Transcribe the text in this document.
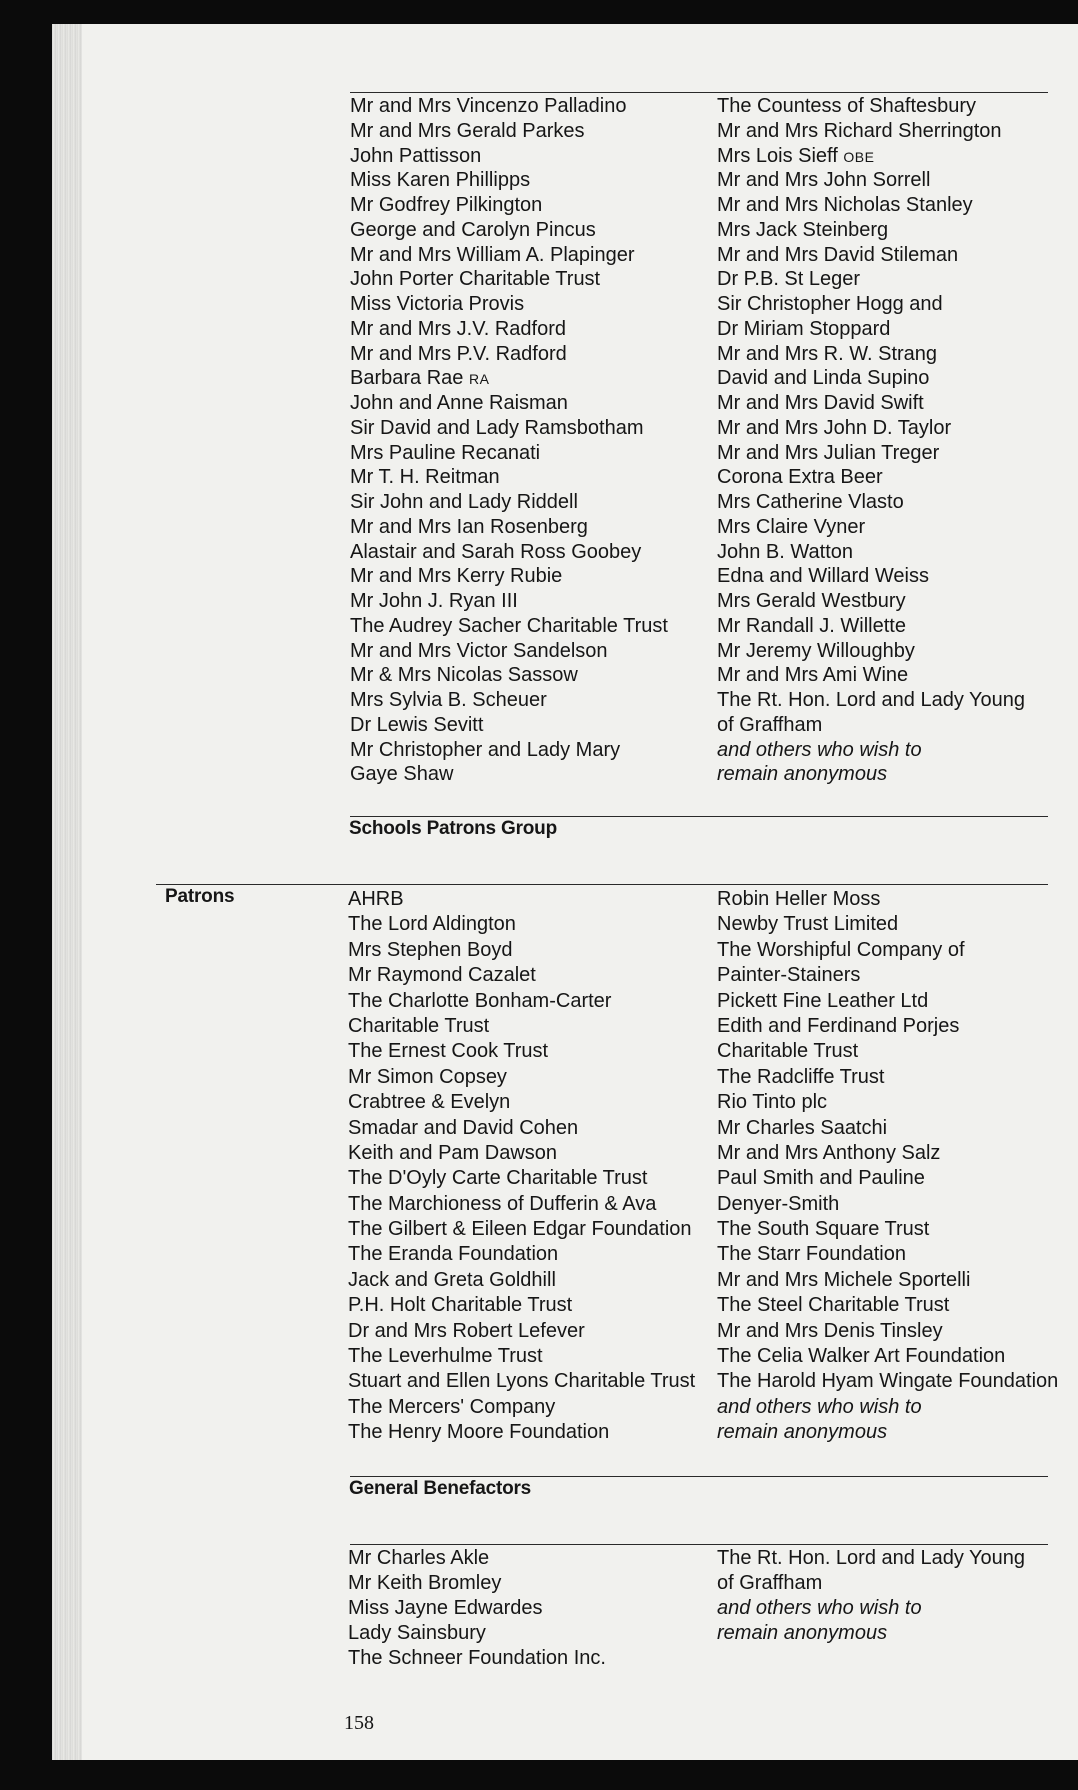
Mr and Mrs Vincenzo Palladino
Mr and Mrs Gerald Parkes
John Pattisson
Miss Karen Phillipps
Mr Godfrey Pilkington
George and Carolyn Pincus
Mr and Mrs William A. Plapinger
John Porter Charitable Trust
Miss Victoria Provis
Mr and Mrs J.V. Radford
Mr and Mrs P.V. Radford
Barbara Rae RA
John and Anne Raisman
Sir David and Lady Ramsbotham
Mrs Pauline Recanati
Mr T. H. Reitman
Sir John and Lady Riddell
Mr and Mrs Ian Rosenberg
Alastair and Sarah Ross Goobey
Mr and Mrs Kerry Rubie
Mr John J. Ryan III
The Audrey Sacher Charitable Trust
Mr and Mrs Victor Sandelson
Mr & Mrs Nicolas Sassow
Mrs Sylvia B. Scheuer
Dr Lewis Sevitt
Mr Christopher and Lady Mary
Gaye Shaw
The Countess of Shaftesbury
Mr and Mrs Richard Sherrington
Mrs Lois Sieff OBE
Mr and Mrs John Sorrell
Mr and Mrs Nicholas Stanley
Mrs Jack Steinberg
Mr and Mrs David Stileman
Dr P.B. St Leger
Sir Christopher Hogg and
Dr Miriam Stoppard
Mr and Mrs R. W. Strang
David and Linda Supino
Mr and Mrs David Swift
Mr and Mrs John D. Taylor
Mr and Mrs Julian Treger
Corona Extra Beer
Mrs Catherine Vlasto
Mrs Claire Vyner
John B. Watton
Edna and Willard Weiss
Mrs Gerald Westbury
Mr Randall J. Willette
Mr Jeremy Willoughby
Mr and Mrs Ami Wine
The Rt. Hon. Lord and Lady Young
of Graffham
and others who wish to
remain anonymous
Schools Patrons Group
Patrons	AHRB
The Lord Aldington
Mrs Stephen Boyd
Mr Raymond Cazalet
The Charlotte Bonham-Carter
Charitable Trust
The Ernest Cook Trust
Mr Simon Copsey
Crabtree & Evelyn
Smadar and David Cohen
Keith and Pam Dawson
The D'Oyly Carte Charitable Trust
The Marchioness of Dufferin & Ava
The Gilbert & Eileen Edgar Foundation
The Eranda Foundation
Jack and Greta Goldhill
P.H. Holt Charitable Trust
Dr and Mrs Robert Lefever
The Leverhulme Trust
Stuart and Ellen Lyons Charitable Trust
The Mercers' Company
The Henry Moore Foundation
Robin Heller Moss
Newby Trust Limited
The Worshipful Company of
Painter-Stainers
Pickett Fine Leather Ltd
Edith and Ferdinand Porjes
Charitable Trust
The Radcliffe Trust
Rio Tinto plc
Mr Charles Saatchi
Mr and Mrs Anthony Salz
Paul Smith and Pauline
Denyer-Smith
The South Square Trust
The Starr Foundation
Mr and Mrs Michele Sportelli
The Steel Charitable Trust
Mr and Mrs Denis Tinsley
The Celia Walker Art Foundation
The Harold Hyam Wingate Foundation
and others who wish to
remain anonymous
General Benefactors
Mr Charles Akle
Mr Keith Bromley
Miss Jayne Edwardes
Lady Sainsbury
The Schneer Foundation Inc.
The Rt. Hon. Lord and Lady Young
of Graffham
and others who wish to
remain anonymous
158
